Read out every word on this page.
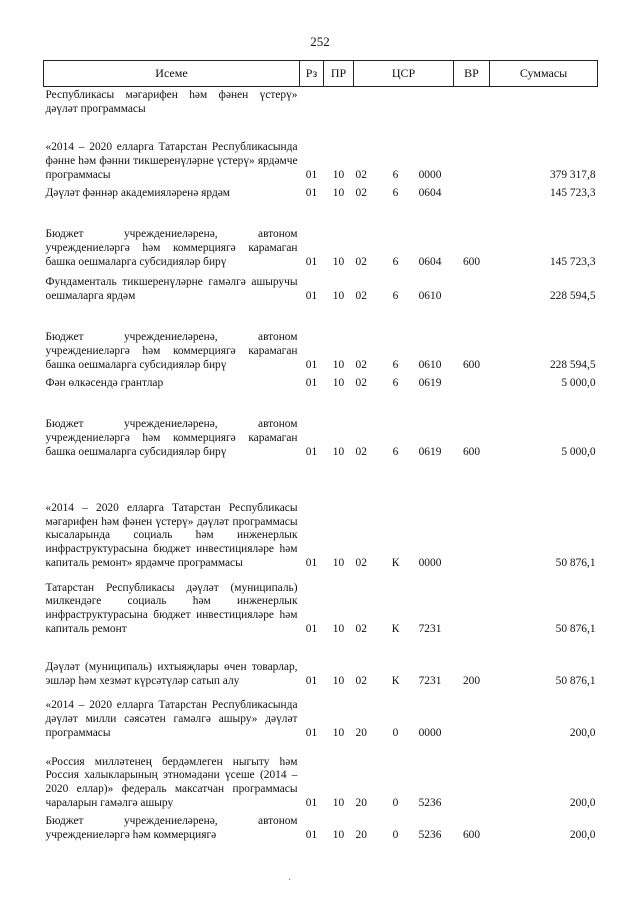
252
Исеме	Рз	ПР	ЦСР			ВР	Суммасы
Республикасы мәгарифен һәм фәнен үстерү» дәүләт программасы							
«2014 – 2020 елларга Татарстан Республикасында фәнне һәм фәнни тикшеренүләрне үстерү» ярдәмче программасы	01	10	02	6	0000		379 317,8
Дәүләт фәннәр академияләренә ярдәм	01	10	02	6	0604		145 723,3
Бюджет учреждениеләренә, автоном учреждениеләргә һәм коммерциягә карамаган башка оешмаларга субсидияләр бирү	01	10	02	6	0604	600	145 723,3
Фундаменталь тикшеренүләрне гамәлгә ашыручы оешмаларга ярдәм	01	10	02	6	0610		228 594,5
Бюджет учреждениеләренә, автоном учреждениеләргә һәм коммерциягә карамаган башка оешмаларга субсидияләр бирү	01	10	02	6	0610	600	228 594,5
Фән өлкәсендә грантлар	01	10	02	6	0619		5 000,0
Бюджет учреждениеләренә, автоном учреждениеләргә һәм коммерциягә карамаган башка оешмаларга субсидияләр бирү	01	10	02	6	0619	600	5 000,0
«2014 – 2020 елларга Татарстан Республикасы мәгарифен һәм фәнен үстерү» дәүләт программасы кысаларында социаль һәм инженерлык инфраструктурасына бюджет инвестицияләре һәм капиталь ремонт» ярдәмче программасы	01	10	02	К	0000		50 876,1
Татарстан Республикасы дәүләт (муниципаль) милкендәге социаль һәм инженерлык инфраструктурасына бюджет инвестицияләре һәм капиталь ремонт	01	10	02	К	7231		50 876,1
Дәүләт (муниципаль) ихтыяҗлары өчен товарлар, эшләр һәм хезмәт күрсәтүләр сатып алу	01	10	02	К	7231	200	50 876,1
«2014 – 2020 елларга Татарстан Республикасында дәүләт милли сәясәтен гамәлгә ашыру» дәүләт программасы	01	10	20	0	0000		200,0
«Россия милләтенең бердәмлеген ныгыту һәм Россия халыкларының этномәдәни үсеше (2014 – 2020 еллар)» федераль максатчан программасы чараларын гамәлгә ашыру	01	10	20	0	5236		200,0
Бюджет учреждениеләренә, автоном учреждениеләргә һәм коммерциягә	01	10	20	0	5236	600	200,0
·
